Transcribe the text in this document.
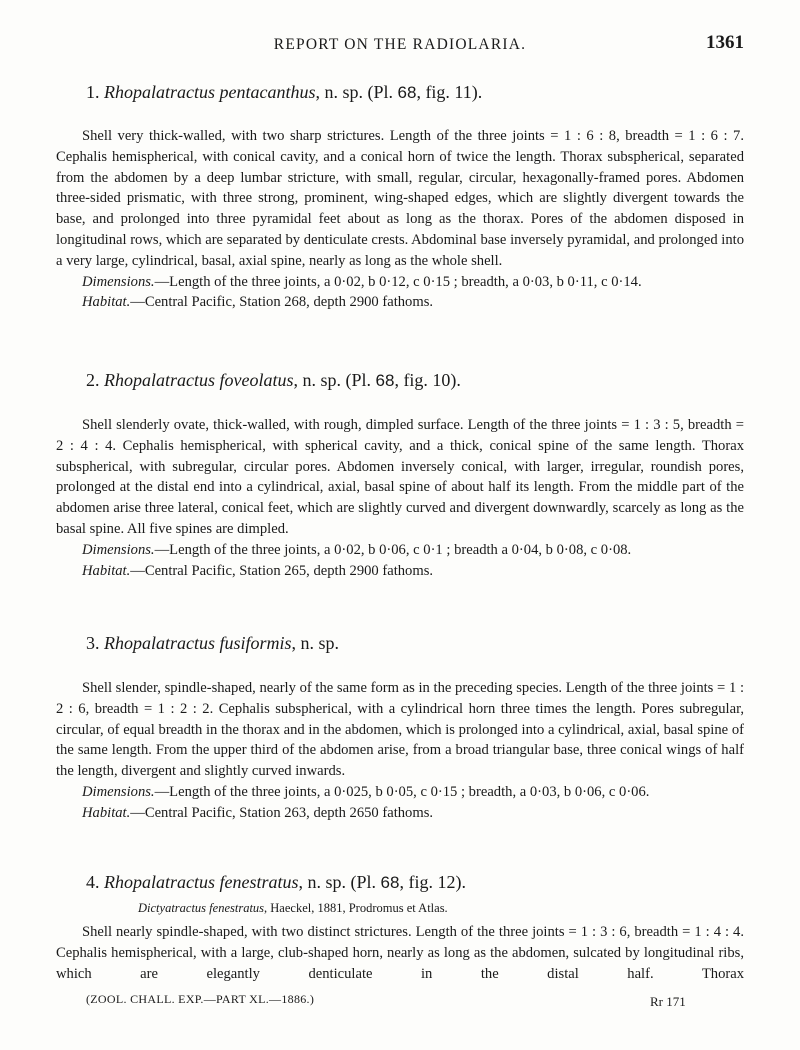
REPORT ON THE RADIOLARIA.	1361
1. Rhopalatractus pentacanthus, n. sp. (Pl. 68, fig. 11).

Shell very thick-walled, with two sharp strictures. Length of the three joints = 1 : 6 : 8, breadth = 1 : 6 : 7. Cephalis hemispherical, with conical cavity, and a conical horn of twice the length. Thorax subspherical, separated from the abdomen by a deep lumbar stricture, with small, regular, circular, hexagonally-framed pores. Abdomen three-sided prismatic, with three strong, prominent, wing-shaped edges, which are slightly divergent towards the base, and prolonged into three pyramidal feet about as long as the thorax. Pores of the abdomen disposed in longitudinal rows, which are separated by denticulate crests. Abdominal base inversely pyramidal, and prolonged into a very large, cylindrical, basal, axial spine, nearly as long as the whole shell.

Dimensions.—Length of the three joints, a 0·02, b 0·12, c 0·15 ; breadth, a 0·03, b 0·11, c 0·14.
Habitat.—Central Pacific, Station 268, depth 2900 fathoms.
2. Rhopalatractus foveolatus, n. sp. (Pl. 68, fig. 10).

Shell slenderly ovate, thick-walled, with rough, dimpled surface. Length of the three joints = 1 : 3 : 5, breadth = 2 : 4 : 4. Cephalis hemispherical, with spherical cavity, and a thick, conical spine of the same length. Thorax subspherical, with subregular, circular pores. Abdomen inversely conical, with larger, irregular, roundish pores, prolonged at the distal end into a cylindrical, axial, basal spine of about half its length. From the middle part of the abdomen arise three lateral, conical feet, which are slightly curved and divergent downwardly, scarcely as long as the basal spine. All five spines are dimpled.

Dimensions.—Length of the three joints, a 0·02, b 0·06, c 0·1 ; breadth a 0·04, b 0·08, c 0·08.
Habitat.—Central Pacific, Station 265, depth 2900 fathoms.
3. Rhopalatractus fusiformis, n. sp.

Shell slender, spindle-shaped, nearly of the same form as in the preceding species. Length of the three joints = 1 : 2 : 6, breadth = 1 : 2 : 2. Cephalis subspherical, with a cylindrical horn three times the length. Pores subregular, circular, of equal breadth in the thorax and in the abdomen, which is prolonged into a cylindrical, axial, basal spine of the same length. From the upper third of the abdomen arise, from a broad triangular base, three conical wings of half the length, divergent and slightly curved inwards.

Dimensions.—Length of the three joints, a 0·025, b 0·05, c 0·15 ; breadth, a 0·03, b 0·06, c 0·06.
Habitat.—Central Pacific, Station 263, depth 2650 fathoms.
4. Rhopalatractus fenestratus, n. sp. (Pl. 68, fig. 12).
Dictyatractus fenestratus, Haeckel, 1881, Prodromus et Atlas.

Shell nearly spindle-shaped, with two distinct strictures. Length of the three joints = 1 : 3 : 6, breadth = 1 : 4 : 4. Cephalis hemispherical, with a large, club-shaped horn, nearly as long as the abdomen, sulcated by longitudinal ribs, which are elegantly denticulate in the distal half. Thorax

(ZOOL. CHALL. EXP.—PART XL.—1886.)	Rr 171
